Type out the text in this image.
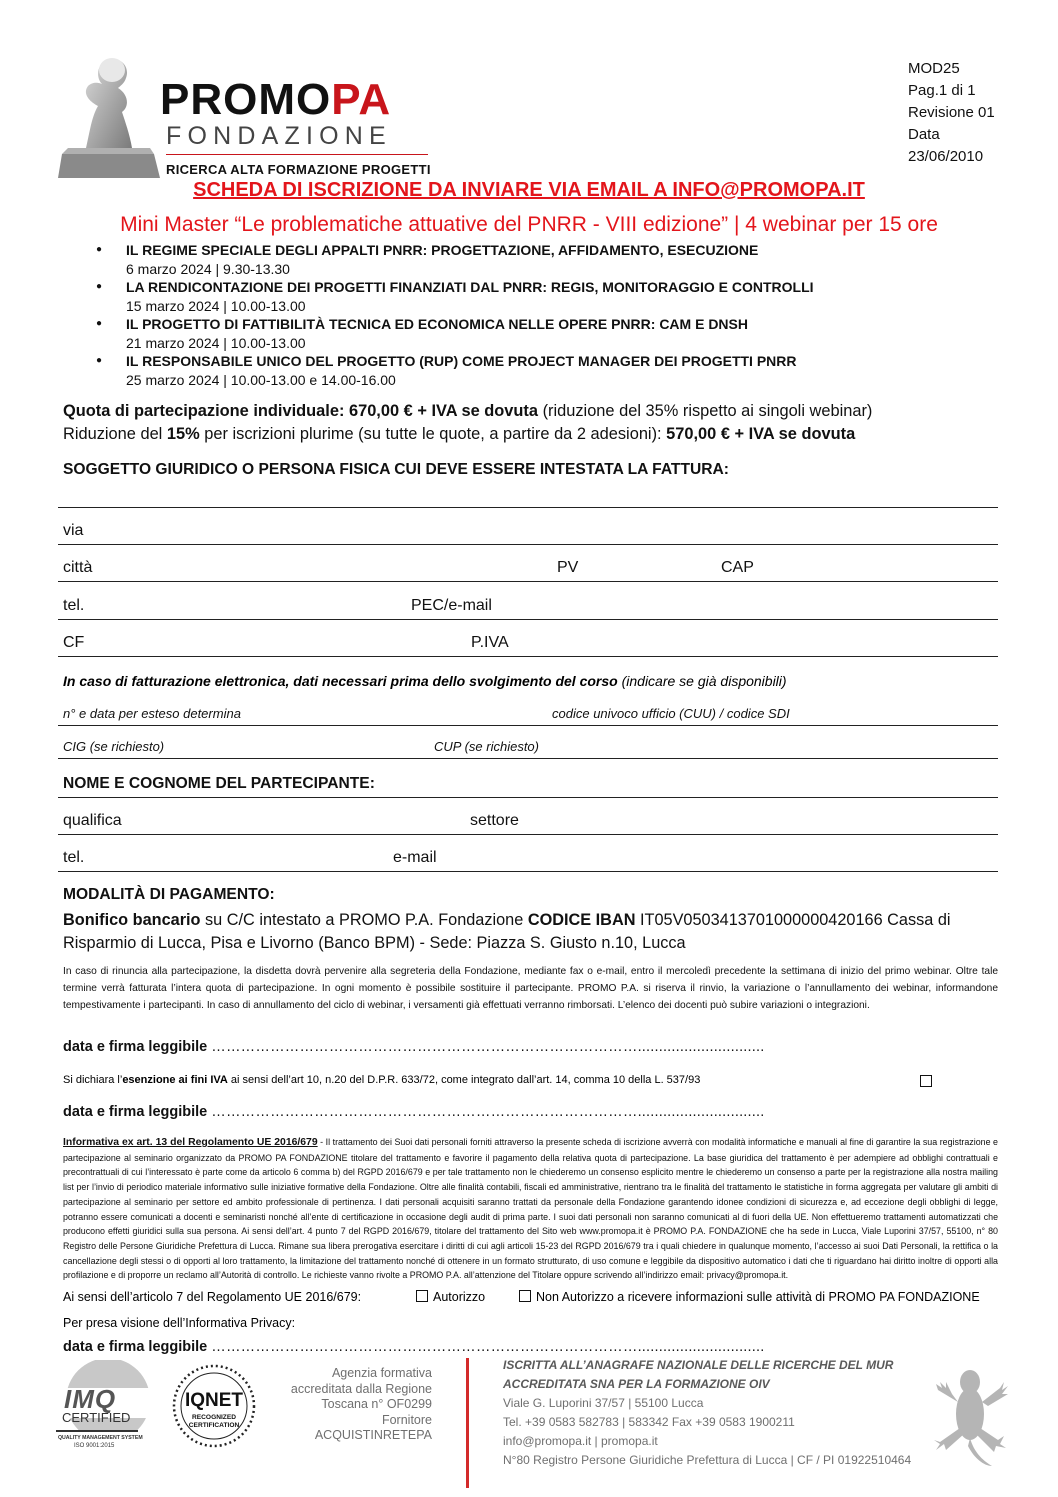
PROMOPA
FONDAZIONE
RICERCA ALTA FORMAZIONE PROGETTI
MOD25
Pag.1 di 1
Revisione 01
Data
23/06/2010
SCHEDA DI ISCRIZIONE DA INVIARE VIA EMAIL A INFO@PROMOPA.IT
Mini Master “Le problematiche attuative del PNRR - VIII edizione” | 4 webinar per 15 ore
● IL REGIME SPECIALE DEGLI APPALTI PNRR: PROGETTAZIONE, AFFIDAMENTO, ESECUZIONE
6 marzo 2024 | 9.30-13.30
● LA RENDICONTAZIONE DEI PROGETTI FINANZIATI DAL PNRR: REGIS, MONITORAGGIO E CONTROLLI
15 marzo 2024 | 10.00-13.00
● IL PROGETTO DI FATTIBILITÀ TECNICA ED ECONOMICA NELLE OPERE PNRR: CAM E DNSH
21 marzo 2024 | 10.00-13.00
● IL RESPONSABILE UNICO DEL PROGETTO (RUP) COME PROJECT MANAGER DEI PROGETTI PNRR
25 marzo 2024 | 10.00-13.00 e 14.00-16.00
Quota di partecipazione individuale: 670,00 € + IVA se dovuta (riduzione del 35% rispetto ai singoli webinar)
Riduzione del 15% per iscrizioni plurime (su tutte le quote, a partire da 2 adesioni): 570,00 € + IVA se dovuta
SOGGETTO GIURIDICO O PERSONA FISICA CUI DEVE ESSERE INTESTATA LA FATTURA:
via
città	PV	CAP
tel.	PEC/e-mail
CF	P.IVA
In caso di fatturazione elettronica, dati necessari prima dello svolgimento del corso (indicare se già disponibili)
n° e data per esteso determina	codice univoco ufficio (CUU) / codice SDI
CIG (se richiesto)	CUP (se richiesto)
NOME E COGNOME DEL PARTECIPANTE:
qualifica	settore
tel.	e-mail
MODALITÀ DI PAGAMENTO:
Bonifico bancario su C/C intestato a PROMO P.A. Fondazione CODICE IBAN IT05V0503413701000000420166 Cassa di Risparmio di Lucca, Pisa e Livorno (Banco BPM) - Sede: Piazza S. Giusto n.10, Lucca
In caso di rinuncia alla partecipazione, la disdetta dovrà pervenire alla segreteria della Fondazione, mediante fax o e-mail, entro il mercoledì precedente la settimana di inizio del primo webinar. Oltre tale termine verrà fatturata l’intera quota di partecipazione. In ogni momento è possibile sostituire il partecipante. PROMO P.A. si riserva il rinvio, la variazione o l’annullamento dei webinar, informandone tempestivamente i partecipanti. In caso di annullamento del ciclo di webinar, i versamenti già effettuati verranno rimborsati. L’elenco dei docenti può subire variazioni o integrazioni.
data e firma leggibile ……………………………………………………………………………..............................
Si dichiara l’esenzione ai fini IVA ai sensi dell’art 10, n.20 del D.P.R. 633/72, come integrato dall’art. 14, comma 10 della L. 537/93
data e firma leggibile ……………………………………………………………………………..............................
Informativa ex art. 13 del Regolamento UE 2016/679 - Il trattamento dei Suoi dati personali forniti attraverso la presente scheda di iscrizione avverrà con modalità informatiche e manuali al fine di garantire la sua registrazione e partecipazione al seminario organizzato da PROMO PA FONDAZIONE titolare del trattamento e favorire il pagamento della relativa quota di partecipazione. La base giuridica del trattamento è per adempiere ad obblighi contrattuali e precontrattuali di cui l’interessato è parte come da articolo 6 comma b) del RGPD 2016/679 e per tale trattamento non le chiederemo un consenso esplicito mentre le chiederemo un consenso a parte per la registrazione alla nostra mailing list per l’invio di periodico materiale informativo sulle iniziative formative della Fondazione. Oltre alle finalità contabili, fiscali ed amministrative, rientrano tra le finalità del trattamento le statistiche in forma aggregata per valutare gli ambiti di partecipazione al seminario per settore ed ambito professionale di pertinenza. I dati personali acquisiti saranno trattati da personale della Fondazione garantendo idonee condizioni di sicurezza e, ad eccezione degli obblighi di legge, potranno essere comunicati a docenti e seminaristi nonché all’ente di certificazione in occasione degli audit di prima parte. I suoi dati personali non saranno comunicati al di fuori della UE. Non effettueremo trattamenti automatizzati che producono effetti giuridici sulla sua persona. Ai sensi dell’art. 4 punto 7 del RGPD 2016/679, titolare del trattamento del Sito web www.promopa.it è PROMO P.A. FONDAZIONE che ha sede in Lucca, Viale Luporini 37/57, 55100, n° 80 Registro delle Persone Giuridiche Prefettura di Lucca. Rimane sua libera prerogativa esercitare i diritti di cui agli articoli 15-23 del RGPD 2016/679 tra i quali chiedere in qualunque momento, l’accesso ai suoi Dati Personali, la rettifica o la cancellazione degli stessi o di opporti al loro trattamento, la limitazione del trattamento nonché di ottenere in un formato strutturato, di uso comune e leggibile da dispositivo automatico i dati che ti riguardano hai diritto inoltre di opporti alla profilazione e di proporre un reclamo all’Autorità di controllo. Le richieste vanno rivolte a PROMO P.A. all’attenzione del Titolare oppure scrivendo all’indirizzo email: privacy@promopa.it.
Ai sensi dell’articolo 7 del Regolamento UE 2016/679:	Autorizzo	Non Autorizzo a ricevere informazioni sulle attività di PROMO PA FONDAZIONE
Per presa visione dell’Informativa Privacy:
data e firma leggibile ……………………………………………………………………………..............................
IMQ
CERTIFIED
QUALITY MANAGEMENT SYSTEM
ISO 9001:2015
IQNET
RECOGNIZED
CERTIFICATION
Agenzia formativa
accreditata dalla Regione
Toscana n° OF0299
Fornitore
ACQUISTINRETEPA
ISCRITTA ALL’ANAGRAFE NAZIONALE DELLE RICERCHE DEL MUR
ACCREDITATA SNA PER LA FORMAZIONE OIV
Viale G. Luporini 37/57 | 55100 Lucca
Tel. +39 0583 582783 | 583342 Fax +39 0583 1900211
info@promopa.it | promopa.it
N°80 Registro Persone Giuridiche Prefettura di Lucca | CF / PI 01922510464
